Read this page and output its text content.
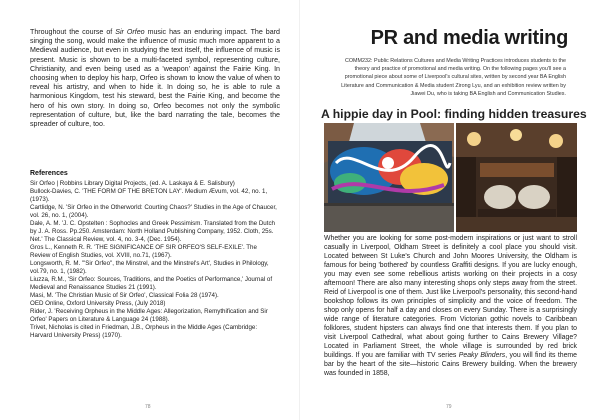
Throughout the course of Sir Orfeo music has an enduring impact. The bard singing the song, would make the influence of music much more apparent to a Medieval audience, but even in studying the text itself, the influence of music is present. Music is shown to be a multi-faceted symbol, representing culture, Christianity, and even being used as a 'weapon' against the Fairie King. In choosing when to deploy his harp, Orfeo is shown to know the value of when to reveal his artistry, and when to hide it. In doing so, he is able to rule a harmonious Kingdom, test his steward, best the Fairie King, and become the hero of his own story. In doing so, Orfeo becomes not only the symbolic representation of culture, but, like the bard narrating the tale, becomes the spreader of culture, too.

References
Sir Orfeo | Robbins Library Digital Projects, (ed. A. Laskaya & E. Salisbury)
Bullock-Davies, C. 'THE FORM OF THE BRETON LAY'. Medium Ævum, vol. 42, no. 1, (1973).
Cartlidge, N. 'Sir Orfeo in the Otherworld: Courting Chaos?' Studies in the Age of Chaucer, vol. 26, no. 1, (2004).
Dale, A. M. 'J. C. Opstelten : Sophocles and Greek Pessimism. Translated from the Dutch by J. A. Ross. Pp.250. Amsterdam: North Holland Publishing Company, 1952. Cloth, 25s. Net.' The Classical Review, vol. 4, no. 3-4, (Dec. 1954).
Gros L., Kenneth R. R. 'THE SIGNIFICANCE OF SIR ORFEO'S SELF-EXILE'. The Review of English Studies, vol. XVIII, no.71, (1967).
Longsworth, R. M. '"Sir Orfeo", the Minstrel, and the Minstrel's Art', Studies in Philology, vol.79, no. 1, (1982).
Liuzza, R.M., 'Sir Orfeo: Sources, Traditions, and the Poetics of Performance,' Journal of Medieval and Renaissance Studies 21 (1991).
Masi, M. 'The Christian Music of Sir Orfeo', Classical Folia 28 (1974).
OED Online, Oxford University Press, (July 2018)
Rider, J. 'Receiving Orpheus in the Middle Ages: Allegorization, Remythification and Sir Orfeo' Papers on Literature & Language 24 (1988).
Trivet, Nicholas is cited in Friedman, J.B., Orpheus in the Middle Ages (Cambridge: Harvard University Press) (1970).
78
PR and media writing

COMM232: Public Relations Cultures and Media Writing Practices introduces students to the theory and practice of promotional and media writing. On the following pages you'll see a promotional piece about some of Liverpool's cultural sites, written by second year BA English Literature and Communication & Media student Zirong Lyu, and an exhibition review written by Jiawei Du, who is taking BA English and Communication Studies.

A hippie day in Pool: finding hidden treasures

Whether you are looking for some post-modern inspirations or just want to stroll casually in Liverpool, Oldham Street is definitely a cool place you should visit. Located between St Luke's Church and John Moores University, the Oldham is famous for being 'bothered' by countless Graffiti designs. If you are lucky enough, you may even see some rebellious artists working on their projects in a cosy afternoon! There are also many interesting shops only steps away from the street. Reid of Liverpool is one of them. Just like Liverpool's personality, this second-hand bookshop follows its own principles of simplicity and the voice of freedom. The shop only opens for half a day and closes on every Sunday. There is a surprisingly wide range of literature categories. From Victorian gothic novels to Caribbean folklores, student hipsters can always find one that interests them. If you plan to visit Liverpool Cathedral, what about going further to Cains Brewery Village? Located in Parliament Street, the whole village is surrounded by red brick buildings. If you are familiar with TV series Peaky Blinders, you will find its theme bar by the heart of the site—historic Cains Brewery building. When the brewery was founded in 1858,

79
